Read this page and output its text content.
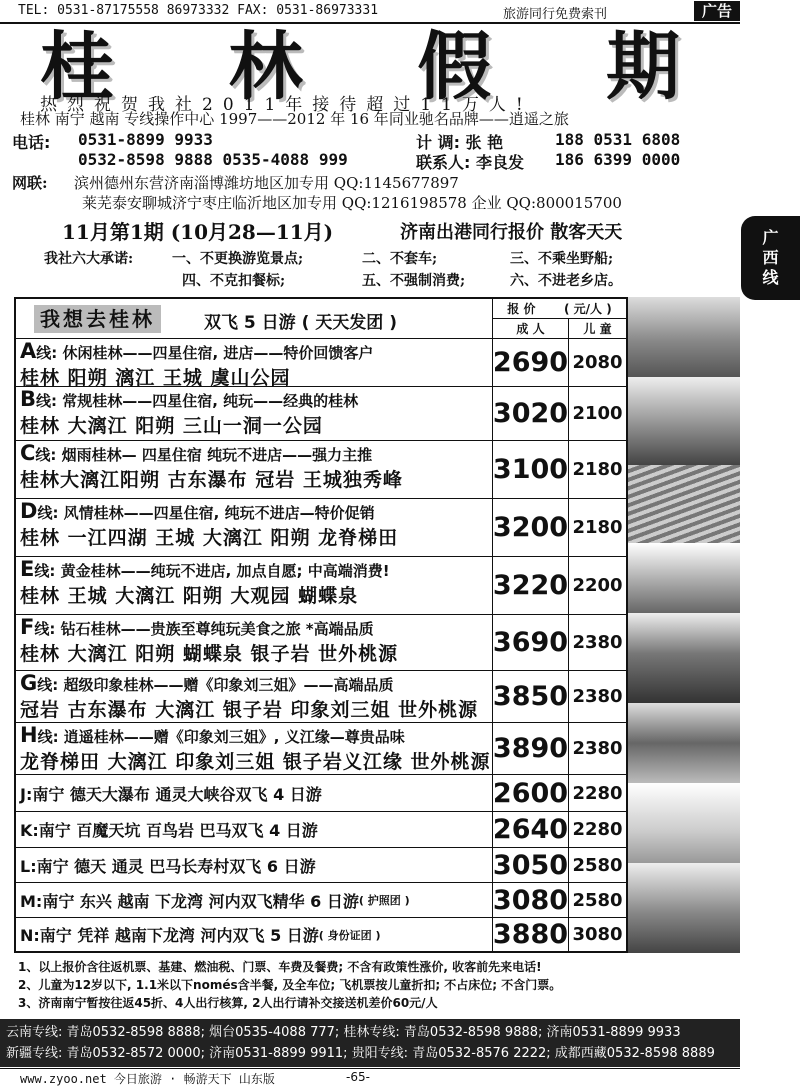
TEL: 0531-87175558 86973332 FAX: 0531-86973331	旅游同行免费索刊	广告
桂 林 假 期
热烈祝贺我社2011年接待超过11万人!
桂林 南宁 越南 专线操作中心 1997——2012 年 16 年同业驰名品牌——逍遥之旅
电话: 0531-8899 9933
0532-8598 9888 0535-4088 999
计 调: 张 艳	188 0531 6808
联系人: 李良发 186 6399 0000
网联: 滨州德州东营济南淄博潍坊地区加专用 QQ:1145677897
莱芜泰安聊城济宁枣庄临沂地区加专用 QQ:1216198578 企业 QQ:800015700
11月第1期 (10月28—11月)	济南出港同行报价 散客天天	广
西
线
我社六大承诺:	一、不更换游览景点;	二、不套车;	三、不乘坐野船;
四、不克扣餐标;	五、不强制消费;	六、不进老乡店。
我想去桂林	双飞 5 日游 ( 天天发团 )
报 价 ( 元/人 )
成 人	儿 童
A线: 休闲桂林——四星住宿, 进店——特价回馈客户
桂林 阳朔 漓江 王城 虞山公园	2690 2080
B线: 常规桂林——四星住宿, 纯玩——经典的桂林
桂林 大漓江 阳朔 三山一洞一公园	3020 2100
C线: 烟雨桂林— 四星住宿 纯玩不进店——强力主推
桂林大漓江阳朔 古东瀑布 冠岩 王城独秀峰	3100 2180
D线: 风情桂林——四星住宿, 纯玩不进店—特价促销
桂林 一江四湖 王城 大漓江 阳朔 龙脊梯田	3200 2180
E线: 黄金桂林——纯玩不进店, 加点自愿; 中高端消费!
桂林 王城 大漓江 阳朔 大观园 蝴蝶泉	3220 2200
F线: 钻石桂林——贵族至尊纯玩美食之旅 *高端品质
桂林 大漓江 阳朔 蝴蝶泉 银子岩 世外桃源	3690 2380
G线: 超级印象桂林——赠《印象刘三姐》——高端品质
冠岩 古东瀑布 大漓江 银子岩 印象刘三姐 世外桃源 3850 2380
H线: 逍遥桂林——赠《印象刘三姐》, 义江缘—尊贵品味
龙脊梯田 大漓江 印象刘三姐 银子岩义江缘 世外桃源 3890 2380
J:南宁 德天大瀑布 通灵大峡谷双飞 4 日游	2600 2280
K:南宁 百魔天坑 百鸟岩 巴马双飞 4 日游	2640 2280
L:南宁 德天 通灵 巴马长寿村双飞 6 日游	3050 2580
M:南宁 东兴 越南 下龙湾 河内双飞精华 6 日游 ( 护照团 )	3080 2580
N:南宁 凭祥 越南下龙湾 河内双飞 5 日游 ( 身份证团 )	3880 3080
1、以上报价含往返机票、基建、燃油税、门票、车费及餐费; 不含有政策性涨价, 收客前先来电话!
2、儿童为12岁以下, 1.1米以下només含半餐, 及全车位; 飞机票按儿童折扣; 不占床位; 不含门票。
3、济南南宁暂按往返45折、4人出行核算, 2人出行请补交接送机差价60元/人
云南专线: 青岛0532-8598 8888; 烟台0535-4088 777; 桂林专线: 青岛0532-8598 9888; 济南0531-8899 9933
新疆专线: 青岛0532-8572 0000; 济南0531-8899 9911; 贵阳专线: 青岛0532-8576 2222; 成都西藏0532-8598 8889
www.zyoo.net 今日旅游 · 畅游天下 山东版	-65-
